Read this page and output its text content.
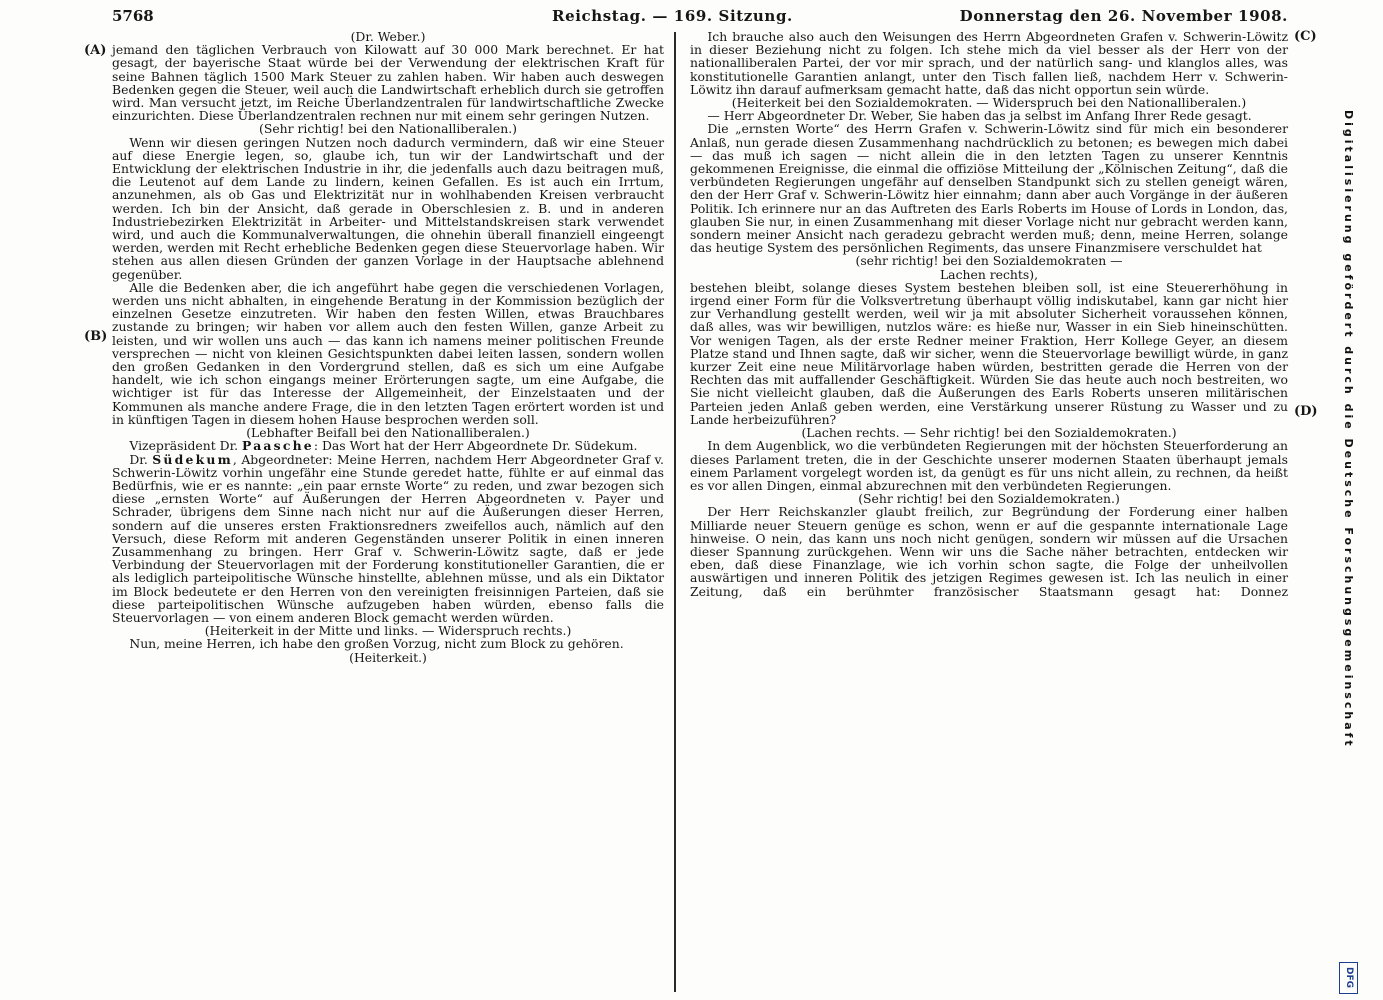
5768	Reichstag. — 169. Sitzung.	Donnerstag den 26. November 1908.
(A)
(B)
(C)
(D)

(Dr. Weber.)

jemand den täglichen Verbrauch von Kilowatt auf 30 000 Mark berechnet. Er hat gesagt, der bayerische Staat würde bei der Verwendung der elektrischen Kraft für seine Bahnen täglich 1500 Mark Steuer zu zahlen haben. Wir haben auch deswegen Bedenken gegen die Steuer, weil auch die Landwirtschaft erheblich durch sie getroffen wird. Man versucht jetzt, im Reiche Überlandzentralen für landwirtschaftliche Zwecke einzurichten. Diese Überlandzentralen rechnen nur mit einem sehr geringen Nutzen.

(Sehr richtig! bei den Nationalliberalen.)

Wenn wir diesen geringen Nutzen noch dadurch vermindern, daß wir eine Steuer auf diese Energie legen, so, glaube ich, tun wir der Landwirtschaft und der Entwicklung der elektrischen Industrie in ihr, die jedenfalls auch dazu beitragen muß, die Leutenot auf dem Lande zu lindern, keinen Gefallen. Es ist auch ein Irrtum, anzunehmen, als ob Gas und Elektrizität nur in wohlhabenden Kreisen verbraucht werden. Ich bin der Ansicht, daß gerade in Oberschlesien z. B. und in anderen Industriebezirken Elektrizität in Arbeiter- und Mittelstandskreisen stark verwendet wird, und auch die Kommunalverwaltungen, die ohnehin überall finanziell eingeengt werden, werden mit Recht erhebliche Bedenken gegen diese Steuervorlage haben. Wir stehen aus allen diesen Gründen der ganzen Vorlage in der Hauptsache ablehnend gegenüber.

Alle die Bedenken aber, die ich angeführt habe gegen die verschiedenen Vorlagen, werden uns nicht abhalten, in eingehende Beratung in der Kommission bezüglich der einzelnen Gesetze einzutreten. Wir haben den festen Willen, etwas Brauchbares zustande zu bringen; wir haben vor allem auch den festen Willen, ganze Arbeit zu leisten, und wir wollen uns auch — das kann ich namens meiner politischen Freunde versprechen — nicht von kleinen Gesichtspunkten dabei leiten lassen, sondern wollen den großen Gedanken in den Vordergrund stellen, daß es sich um eine Aufgabe handelt, wie ich schon eingangs meiner Erörterungen sagte, um eine Aufgabe, die wichtiger ist für das Interesse der Allgemeinheit, der Einzelstaaten und der Kommunen als manche andere Frage, die in den letzten Tagen erörtert worden ist und in künftigen Tagen in diesem hohen Hause besprochen werden soll.

(Lebhafter Beifall bei den Nationalliberalen.)

Vizepräsident Dr. Paasche: Das Wort hat der Herr Abgeordnete Dr. Südekum.

Dr. Südekum, Abgeordneter: Meine Herren, nachdem Herr Abgeordneter Graf v. Schwerin-Löwitz vorhin ungefähr eine Stunde geredet hatte, fühlte er auf einmal das Bedürfnis, wie er es nannte: „ein paar ernste Worte“ zu reden, und zwar bezogen sich diese „ernsten Worte“ auf Äußerungen der Herren Abgeordneten v. Payer und Schrader, übrigens dem Sinne nach nicht nur auf die Äußerungen dieser Herren, sondern auf die unseres ersten Fraktionsredners zweifellos auch, nämlich auf den Versuch, diese Reform mit anderen Gegenständen unserer Politik in einen inneren Zusammenhang zu bringen. Herr Graf v. Schwerin-Löwitz sagte, daß er jede Verbindung der Steuervorlagen mit der Forderung konstitutioneller Garantien, die er als lediglich parteipolitische Wünsche hinstellte, ablehnen müsse, und als ein Diktator im Block bedeutete er den Herren von den vereinigten freisinnigen Parteien, daß sie diese parteipolitischen Wünsche aufzugeben haben würden, ebenso falls die Steuervorlagen — von einem anderen Block gemacht werden würden.

(Heiterkeit in der Mitte und links. — Widerspruch rechts.)

Nun, meine Herren, ich habe den großen Vorzug, nicht zum Block zu gehören.

(Heiterkeit.)

Ich brauche also auch den Weisungen des Herrn Abgeordneten Grafen v. Schwerin-Löwitz in dieser Beziehung nicht zu folgen. Ich stehe mich da viel besser als der Herr von der nationalliberalen Partei, der vor mir sprach, und der natürlich sang- und klanglos alles, was konstitutionelle Garantien anlangt, unter den Tisch fallen ließ, nachdem Herr v. Schwerin-Löwitz ihn darauf aufmerksam gemacht hatte, daß das nicht opportun sein würde.

(Heiterkeit bei den Sozialdemokraten. — Widerspruch bei den Nationalliberalen.)

— Herr Abgeordneter Dr. Weber, Sie haben das ja selbst im Anfang Ihrer Rede gesagt.

Die „ernsten Worte“ des Herrn Grafen v. Schwerin-Löwitz sind für mich ein besonderer Anlaß, nun gerade diesen Zusammenhang nachdrücklich zu betonen; es bewegen mich dabei — das muß ich sagen — nicht allein die in den letzten Tagen zu unserer Kenntnis gekommenen Ereignisse, die einmal die offiziöse Mitteilung der „Kölnischen Zeitung“, daß die verbündeten Regierungen ungefähr auf denselben Standpunkt sich zu stellen geneigt wären, den der Herr Graf v. Schwerin-Löwitz hier einnahm; dann aber auch Vorgänge in der äußeren Politik. Ich erinnere nur an das Auftreten des Earls Roberts im House of Lords in London, das, glauben Sie nur, in einen Zusammenhang mit dieser Vorlage nicht nur gebracht werden kann, sondern meiner Ansicht nach geradezu gebracht werden muß; denn, meine Herren, solange das heutige System des persönlichen Regiments, das unsere Finanzmisere verschuldet hat

(sehr richtig! bei den Sozialdemokraten —

Lachen rechts),

bestehen bleibt, solange dieses System bestehen bleiben soll, ist eine Steuererhöhung in irgend einer Form für die Volksvertretung überhaupt völlig indiskutabel, kann gar nicht hier zur Verhandlung gestellt werden, weil wir ja mit absoluter Sicherheit voraussehen können, daß alles, was wir bewilligen, nutzlos wäre: es hieße nur, Wasser in ein Sieb hineinschütten. Vor wenigen Tagen, als der erste Redner meiner Fraktion, Herr Kollege Geyer, an diesem Platze stand und Ihnen sagte, daß wir sicher, wenn die Steuervorlage bewilligt würde, in ganz kurzer Zeit eine neue Militärvorlage haben würden, bestritten gerade die Herren von der Rechten das mit auffallender Geschäftigkeit. Würden Sie das heute auch noch bestreiten, wo Sie nicht vielleicht glauben, daß die Äußerungen des Earls Roberts unseren militärischen Parteien jeden Anlaß geben werden, eine Verstärkung unserer Rüstung zu Wasser und zu Lande herbeizuführen?

(Lachen rechts. — Sehr richtig! bei den Sozialdemokraten.)

In dem Augenblick, wo die verbündeten Regierungen mit der höchsten Steuerforderung an dieses Parlament treten, die in der Geschichte unserer modernen Staaten überhaupt jemals einem Parlament vorgelegt worden ist, da genügt es für uns nicht allein, zu rechnen, da heißt es vor allen Dingen, einmal abzurechnen mit den verbündeten Regierungen.

(Sehr richtig! bei den Sozialdemokraten.)

Der Herr Reichskanzler glaubt freilich, zur Begründung der Forderung einer halben Milliarde neuer Steuern genüge es schon, wenn er auf die gespannte internationale Lage hinweise. O nein, das kann uns noch nicht genügen, sondern wir müssen auf die Ursachen dieser Spannung zurückgehen. Wenn wir uns die Sache näher betrachten, entdecken wir eben, daß diese Finanzlage, wie ich vorhin schon sagte, die Folge der unheilvollen auswärtigen und inneren Politik des jetzigen Regimes gewesen ist. Ich las neulich in einer Zeitung, daß ein berühmter französischer Staatsmann gesagt hat: Donnez	Digitalisierung gefördert durch die Deutsche Forschungsgemeinschaft
DFG
